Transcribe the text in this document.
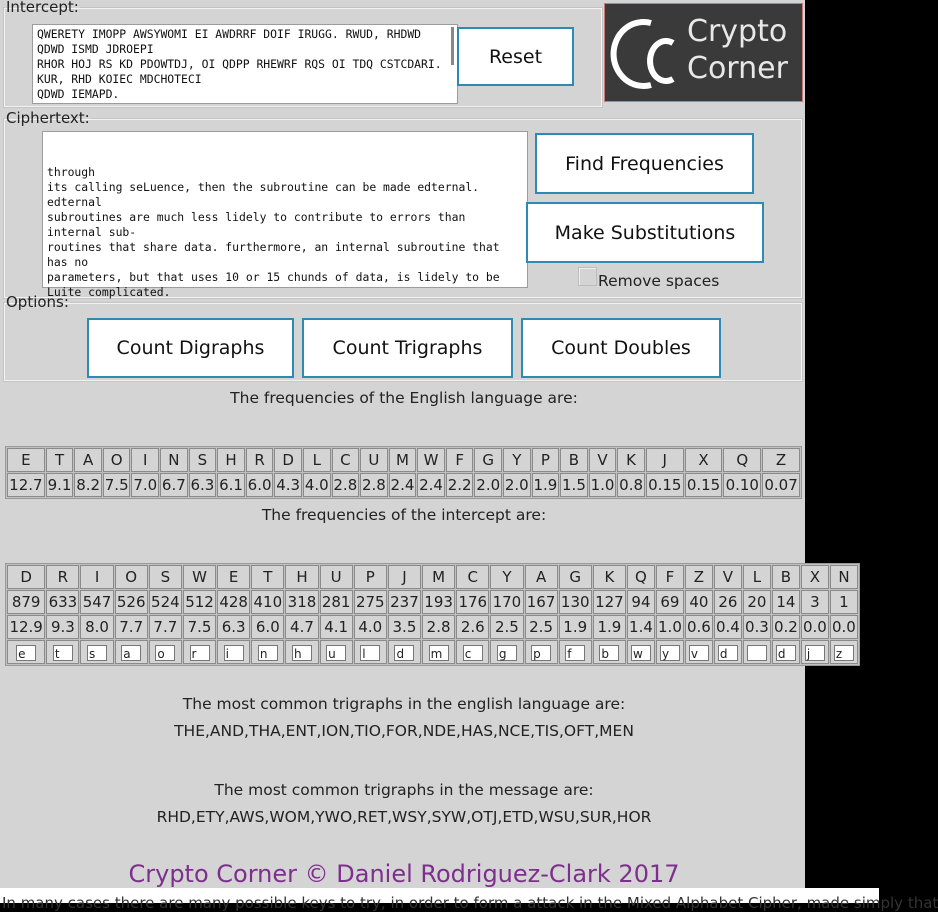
Intercept:
QWERETY IMOPP AWSYWOMI EI AWDRRF DOIF IRUGG. RWUD, RHDWD QDWD ISMD JDROEPI
RHOR HOJ RS KD PDOWTDJ, OI QDPP RHEWRF RQS OI TDQ CSTCDARI. KUR, RHD KOIEC MDCHOTECI
QDWD IEMAPD.
Reset
Crypto
Corner
Ciphertext:

through
its calling seLuence, then the subroutine can be made edternal.
edternal
subroutines are much less lidely to contribute to errors than
internal sub-
routines that share data. furthermore, an internal subroutine that
has no
parameters, but that uses 10 or 15 chunds of data, is lidely to be
Luite complicated.

Find Frequencies
Make Substitutions
Remove spaces
Options:
Count Digraphs	Count Trigraphs	Count Doubles
The frequencies of the English language are:
E	T	A	O	I	N	S	H	R	D	L	C	U	M	W	F	G	Y	P	B	V	K	J	X	Q	Z
12.7	9.1	8.2	7.5	7.0	6.7	6.3	6.1	6.0	4.3	4.0	2.8	2.8	2.4	2.4	2.2	2.0	2.0	1.9	1.5	1.0	0.8	0.15	0.15	0.10	0.07
The frequencies of the intercept are:
D	R	I	O	S	W	E	T	H	U	P	J	M	C	Y	A	G	K	Q	F	Z	V	L	B	X	N
879	633	547	526	524	512	428	410	318	281	275	237	193	176	170	167	130	127	94	69	40	26	20	14	3	1
12.9	9.3	8.0	7.7	7.7	7.5	6.3	6.0	4.7	4.1	4.0	3.5	2.8	2.6	2.5	2.5	1.9	1.9	1.4	1.0	0.6	0.4	0.3	0.2	0.0	0.0
e	t	s	a	o	r	i	n	h	u	l	d	m	c	g	p	f	b	w	y	v	d		d	j	z
The most common trigraphs in the english language are:
THE,AND,THA,ENT,ION,TIO,FOR,NDE,HAS,NCE,TIS,OFT,MEN
The most common trigraphs in the message are:
RHD,ETY,AWS,WOM,YWO,RET,WSY,SYW,OTJ,ETD,WSU,SUR,HOR
Crypto Corner © Daniel Rodriguez-Clark 2017
In many cases there are many possible keys to try, in order to form a attack in the Mixed Alphabet Cipher, made simply that
